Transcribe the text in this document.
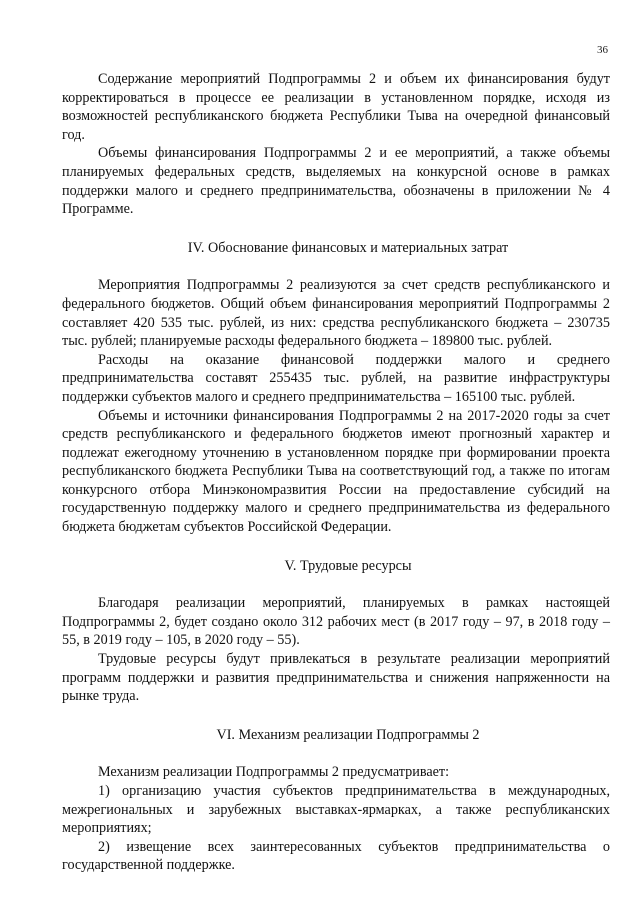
36

Содержание мероприятий Подпрограммы 2 и объем их финансирования будут корректироваться в процессе ее реализации в установленном порядке, исходя из возможностей республиканского бюджета Республики Тыва на очередной финансовый год.

Объемы финансирования Подпрограммы 2 и ее мероприятий, а также объемы планируемых федеральных средств, выделяемых на конкурсной основе в рамках поддержки малого и среднего предпринимательства, обозначены в приложении № 4 Программе.

IV. Обоснование финансовых и материальных затрат

Мероприятия Подпрограммы 2 реализуются за счет средств республиканского и федерального бюджетов. Общий объем финансирования мероприятий Подпрограммы 2 составляет 420 535 тыс. рублей, из них: средства республиканского бюджета – 230735 тыс. рублей; планируемые расходы федерального бюджета – 189800 тыс. рублей.

Расходы на оказание финансовой поддержки малого и среднего предпринимательства составят 255435 тыс. рублей, на развитие инфраструктуры поддержки субъектов малого и среднего предпринимательства – 165100 тыс. рублей.

Объемы и источники финансирования Подпрограммы 2 на 2017-2020 годы за счет средств республиканского и федерального бюджетов имеют прогнозный характер и подлежат ежегодному уточнению в установленном порядке при формировании проекта республиканского бюджета Республики Тыва на соответствующий год, а также по итогам конкурсного отбора Минэкономразвития России на предоставление субсидий на государственную поддержку малого и среднего предпринимательства из федерального бюджета бюджетам субъектов Российской Федерации.

V. Трудовые ресурсы

Благодаря реализации мероприятий, планируемых в рамках настоящей Подпрограммы 2, будет создано около 312 рабочих мест (в 2017 году – 97, в 2018 году – 55, в 2019 году – 105, в 2020 году – 55).

Трудовые ресурсы будут привлекаться в результате реализации мероприятий программ поддержки и развития предпринимательства и снижения напряженности на рынке труда.

VI. Механизм реализации Подпрограммы 2

Механизм реализации Подпрограммы 2 предусматривает:

1) организацию участия субъектов предпринимательства в международных, межрегиональных и зарубежных выставках-ярмарках, а также республиканских мероприятиях;

2) извещение всех заинтересованных субъектов предпринимательства о государственной поддержке.
